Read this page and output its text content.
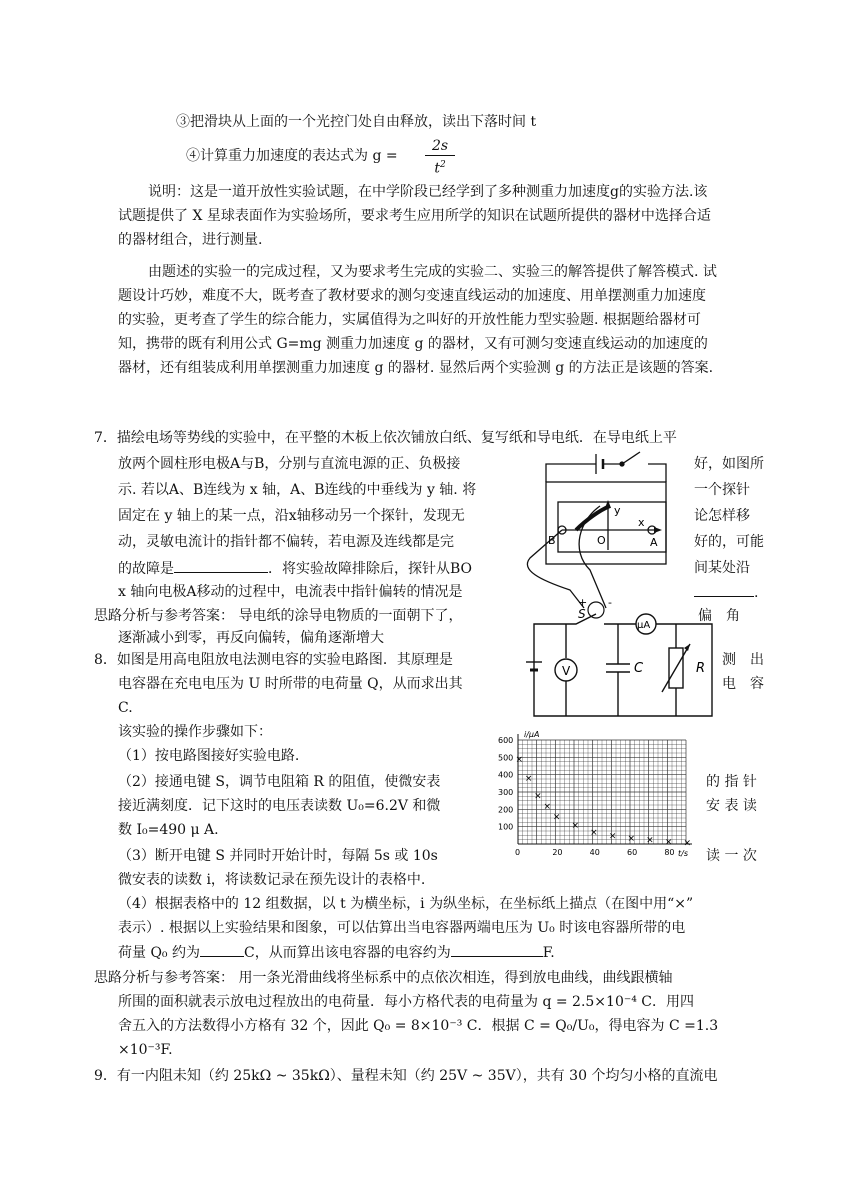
③把滑块从上面的一个光控门处自由释放，读出下落时间 t
④计算重力加速度的表达式为 g =
2s
$t^2$
说明：这是一道开放性实验试题，在中学阶段已经学到了多种测重力加速度g的实验方法.该
试题提供了 X 星球表面作为实验场所，要求考生应用所学的知识在试题所提供的器材中选择合适
的器材组合，进行测量.
由题述的实验一的完成过程，又为要求考生完成的实验二、实验三的解答提供了解答模式. 试
题设计巧妙，难度不大，既考查了教材要求的测匀变速直线运动的加速度、用单摆测重力加速度
的实验，更考查了学生的综合能力，实属值得为之叫好的开放性能力型实验题. 根据题给器材可
知，携带的既有利用公式 G=mg 测重力加速度 g 的器材，又有可测匀变速直线运动的加速度的
器材，还有组装成利用单摆测重力加速度 g 的器材. 显然后两个实验测 g 的方法正是该题的答案.
7．描绘电场等势线的实验中，在平整的木板上依次铺放白纸、复写纸和导电纸．在导电纸上平
放两个圆柱形电极A与B，分别与直流电源的正、负极接	好，如图所
示. 若以A、B连线为 x 轴，A、B连线的中垂线为 y 轴. 将	一个探针
固定在 y 轴上的某一点，沿x轴移动另一个探针，发现无	论怎样移
动，灵敏电流计的指针都不偏转，若电源及连线都是完	好的，可能
的故障是	．将实验故障排除后，探针从BO	间某处沿
x 轴向电极A移动的过程中，电流表中指针偏转的情况是	.
思路分析与参考答案： 导电纸的涂导电物质的一面朝下了，	偏　角
逐渐减小到零，再反向偏转，偏角逐渐增大
y
x
B	O	A
+ -
8．如图是用高电阻放电法测电容的实验电路图．其原理是	测　出
电容器在充电电压为 U 时所带的电荷量 Q，从而求出其	电　容
C.
该实验的操作步骤如下：
（1）按电路图接好实验电路.
（2）接通电键 S，调节电阻箱 R 的阻值，使微安表	的 指 针
接近满刻度．记下这时的电压表读数 U₀=6.2V 和微	安 表 读
数 I₀=490 μ A.
（3）断开电键 S 并同时开始计时，每隔 5s 或 10s	读 一 次
微安表的读数 i，将读数记录在预先设计的表格中.
（4）根据表格中的 12 组数据，以 t 为横坐标，i 为纵坐标，在坐标纸上描点（在图中用“×”
表示）. 根据以上实验结果和图象，可以估算出当电容器两端电压为 U₀ 时该电容器所带的电
荷量 Q₀ 约为	C，从而算出该电容器的电容约为	F.
思路分析与参考答案： 用一条光滑曲线将坐标系中的点依次相连，得到放电曲线，曲线跟横轴
所围的面积就表示放电过程放出的电荷量．每小方格代表的电荷量为 q = 2.5×10⁻⁴ C．用四
舍五入的方法数得小方格有 32 个，因此 Q₀ = 8×10⁻³ C．根据 C = Q₀/U₀，得电容为 C =1.3
×10⁻³F.
S
μA
V	C	R
0	20	40	60	80
100
200
300
400
500
600
×
×
×
×
×
×
× × × × × ×
i/μA
t/s
9．有一内阻未知（约 25kΩ ~ 35kΩ）、量程未知（约 25V ~ 35V），共有 30 个均匀小格的直流电
